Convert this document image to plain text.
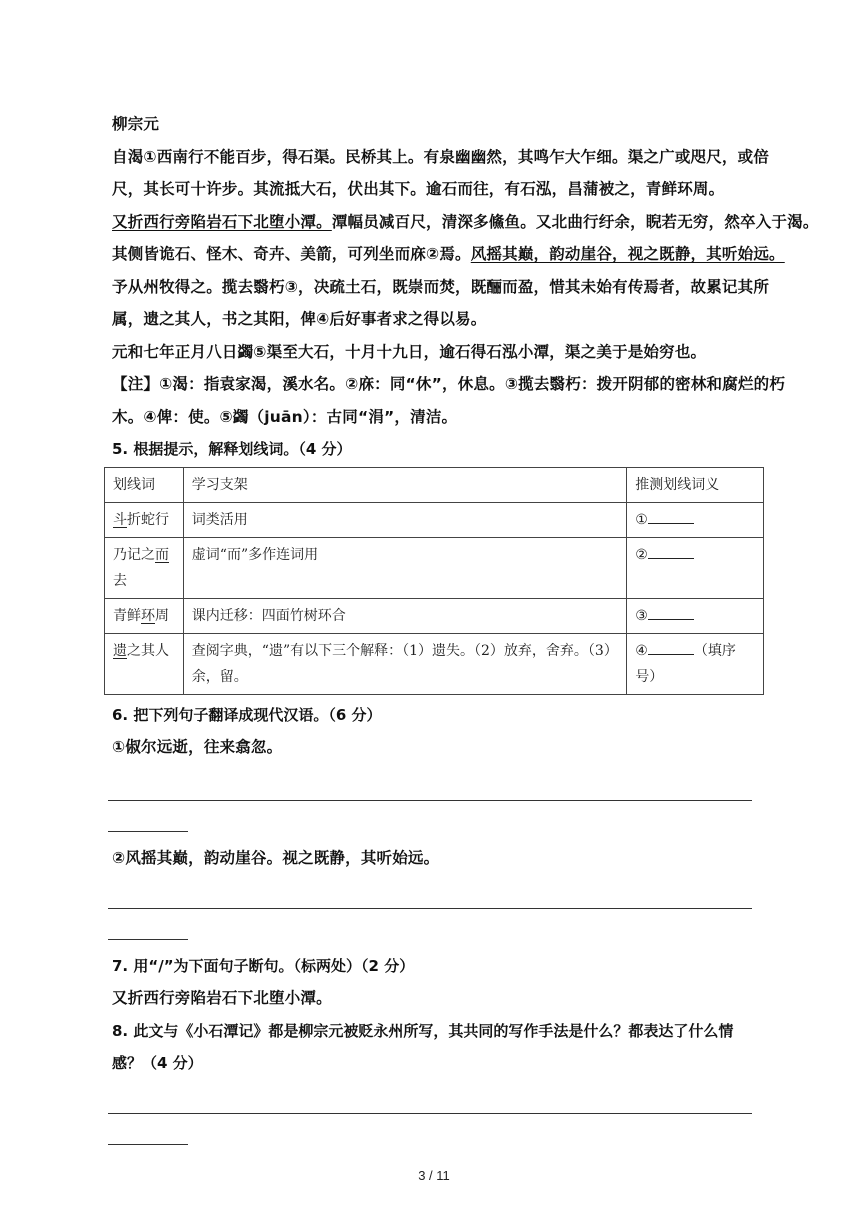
柳宗元
自渴①西南行不能百步，得石渠。民桥其上。有泉幽幽然，其鸣乍大乍细。渠之广或咫尺，或倍
尺，其长可十许步。其流抵大石，伏出其下。逾石而往，有石泓，昌蒲被之，青鲜环周。
又折西行旁陷岩石下北堕小潭。潭幅员减百尺，清深多鯈鱼。又北曲行纡余，睨若无穷，然卒入于渴。
其侧皆诡石、怪木、奇卉、美箭，可列坐而庥②焉。风摇其巅，韵动崖谷，视之既静，其听始远。
予从州牧得之。揽去翳朽③，决疏土石，既崇而焚，既酾而盈，惜其未始有传焉者，故累记其所
属，遗之其人，书之其阳，俾④后好事者求之得以易。
元和七年正月八日蠲⑤渠至大石，十月十九日，逾石得石泓小潭，渠之美于是始穷也。
【注】①渴：指袁家渴，溪水名。②庥：同“休”，休息。③揽去翳朽：拨开阴郁的密林和腐烂的朽
木。④俾：使。⑤蠲（juān）：古同“涓”，清洁。
5. 根据提示，解释划线词。（4 分）
划线词	学习支架	推测划线词义
斗折蛇行	词类活用	①
乃记之而
去	虚词“而”多作连词用	②
青鲜环周	课内迁移：四面竹树环合	③
遗之其人	查阅字典，“遗”有以下三个解释：（1）遗失。（2）放弃，舍弃。（3）余，留。	④ （填序号）
6. 把下列句子翻译成现代汉语。（6 分）
①俶尔远逝，往来翕忽。
②风摇其巅，韵动崖谷。视之既静，其听始远。
7. 用“/”为下面句子断句。（标两处）（2 分）
又折西行旁陷岩石下北堕小潭。
8. 此文与《小石潭记》都是柳宗元被贬永州所写，其共同的写作手法是什么？都表达了什么情
感？（4 分）
3 / 11
